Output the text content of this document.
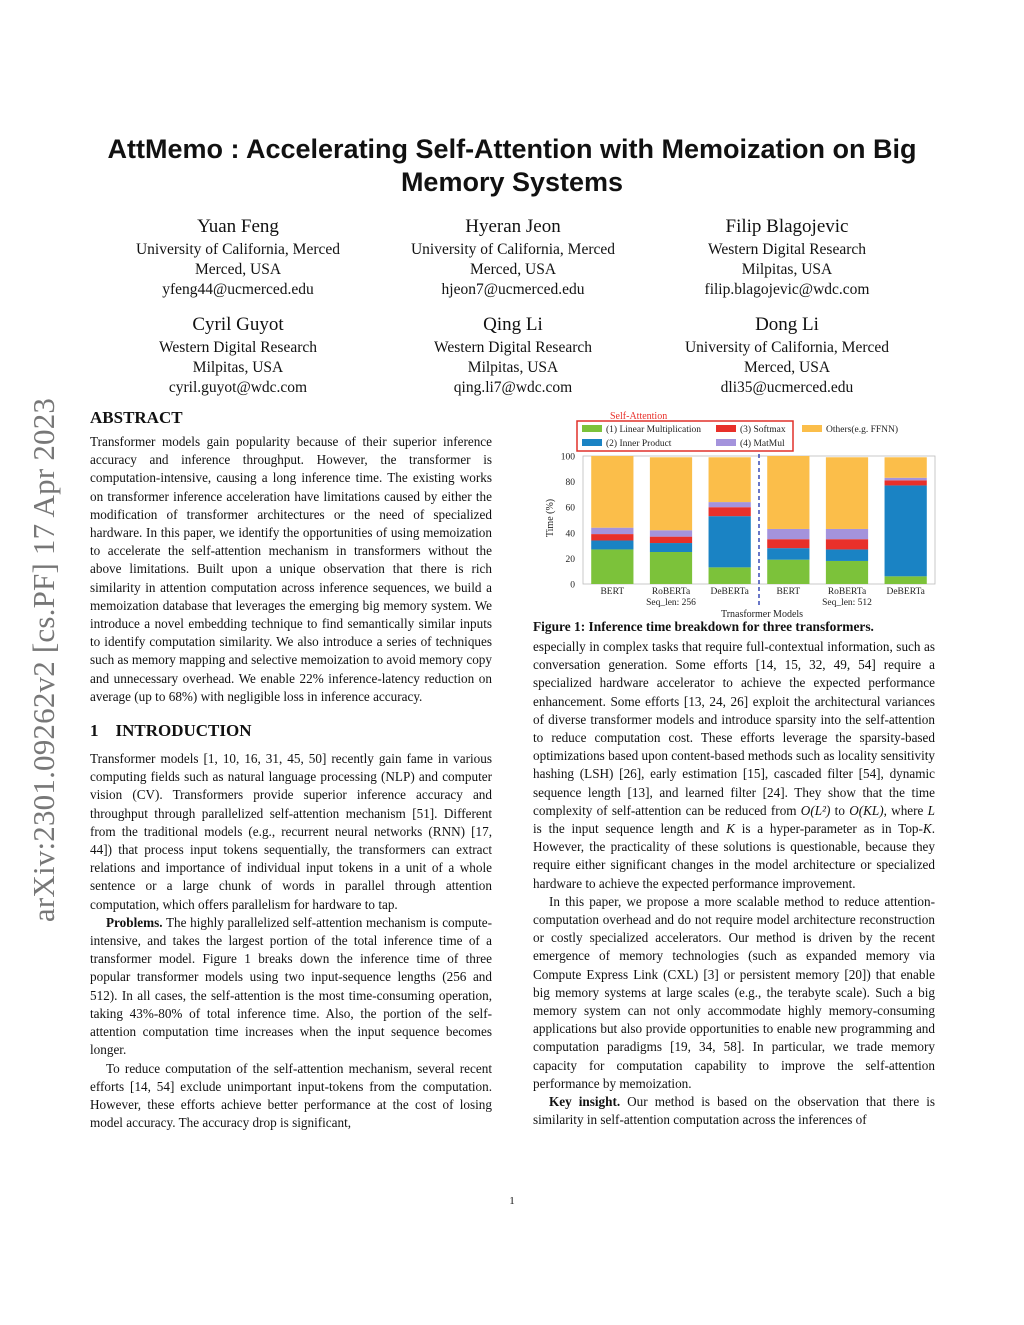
arXiv:2301.09262v2 [cs.PF] 17 Apr 2023
AttMemo : Accelerating Self-Attention with Memoization on Big
Memory Systems
Yuan Feng
University of California, Merced
Merced, USA
yfeng44@ucmerced.edu
Hyeran Jeon
University of California, Merced
Merced, USA
hjeon7@ucmerced.edu
Filip Blagojevic
Western Digital Research
Milpitas, USA
filip.blagojevic@wdc.com
Cyril Guyot
Western Digital Research
Milpitas, USA
cyril.guyot@wdc.com
Qing Li
Western Digital Research
Milpitas, USA
qing.li7@wdc.com
Dong Li
University of California, Merced
Merced, USA
dli35@ucmerced.edu
ABSTRACT

Transformer models gain popularity because of their superior inference accuracy and inference throughput. However, the transformer is computation-intensive, causing a long inference time. The existing works on transformer inference acceleration have limitations caused by either the modification of transformer architectures or the need of specialized hardware. In this paper, we identify the opportunities of using memoization to accelerate the self-attention mechanism in transformers without the above limitations. Built upon a unique observation that there is rich similarity in attention computation across inference sequences, we build a memoization database that leverages the emerging big memory system. We introduce a novel embedding technique to find semantically similar inputs to identify computation similarity. We also introduce a series of techniques such as memory mapping and selective memoization to avoid memory copy and unnecessary overhead. We enable 22% inference-latency reduction on average (up to 68%) with negligible loss in inference accuracy.

1 INTRODUCTION

Transformer models [1, 10, 16, 31, 45, 50] recently gain fame in various computing fields such as natural language processing (NLP) and computer vision (CV). Transformers provide superior inference accuracy and throughput through parallelized self-attention mechanism [51]. Different from the traditional models (e.g., recurrent neural networks (RNN) [17, 44]) that process input tokens sequentially, the transformers can extract relations and importance of individual input tokens in a unit of a whole sentence or a large chunk of words in parallel through attention computation, which offers parallelism for hardware to tap.

Problems. The highly parallelized self-attention mechanism is compute-intensive, and takes the largest portion of the total inference time of a transformer model. Figure 1 breaks down the inference time of three popular transformer models using two input-sequence lengths (256 and 512). In all cases, the self-attention is the most time-consuming operation, taking 43%-80% of total inference time. Also, the portion of the self-attention computation time increases when the input sequence becomes longer.

To reduce computation of the self-attention mechanism, several recent efforts [14, 54] exclude unimportant input-tokens from the computation. However, these efforts achieve better performance at the cost of losing model accuracy. The accuracy drop is significant,

Self-Attention
(1) Linear Multiplication
(2) Inner Product
(3) Softmax
(4) MatMul
Others(e.g. FFNN)
0
20
40
60
80
100
BERT	RoBERTa DeBERTa	BERT	RoBERTa DeBERTa
Seq_len: 256	Seq_len: 512
Time (%)
Trnasformer Models
Figure 1: Inference time breakdown for three transformers.

especially in complex tasks that require full-contextual information, such as conversation generation. Some efforts [14, 15, 32, 49, 54] require a specialized hardware accelerator to achieve the expected performance enhancement. Some efforts [13, 24, 26] exploit the architectural variances of diverse transformer models and introduce sparsity into the self-attention to reduce computation cost. These efforts leverage the sparsity-based optimizations based upon content-based methods such as locality sensitivity hashing (LSH) [26], early estimation [15], cascaded filter [54], dynamic sequence length [13], and learned filter [24]. They show that the time complexity of self-attention can be reduced from O(L²) to O(KL), where L is the input sequence length and K is a hyper-parameter as in Top-K. However, the practicality of these solutions is questionable, because they require either significant changes in the model architecture or specialized hardware to achieve the expected performance improvement.

In this paper, we propose a more scalable method to reduce attention-computation overhead and do not require model architecture reconstruction or costly specialized accelerators. Our method is driven by the recent emergence of memory technologies (such as expanded memory via Compute Express Link (CXL) [3] or persistent memory [20]) that enable big memory systems at large scales (e.g., the terabyte scale). Such a big memory system can not only accommodate highly memory-consuming applications but also provide opportunities to enable new programming and computation paradigms [19, 34, 58]. In particular, we trade memory capacity for computation capability to improve the self-attention performance by memoization.

Key insight. Our method is based on the observation that there is similarity in self-attention computation across the inferences of

1
